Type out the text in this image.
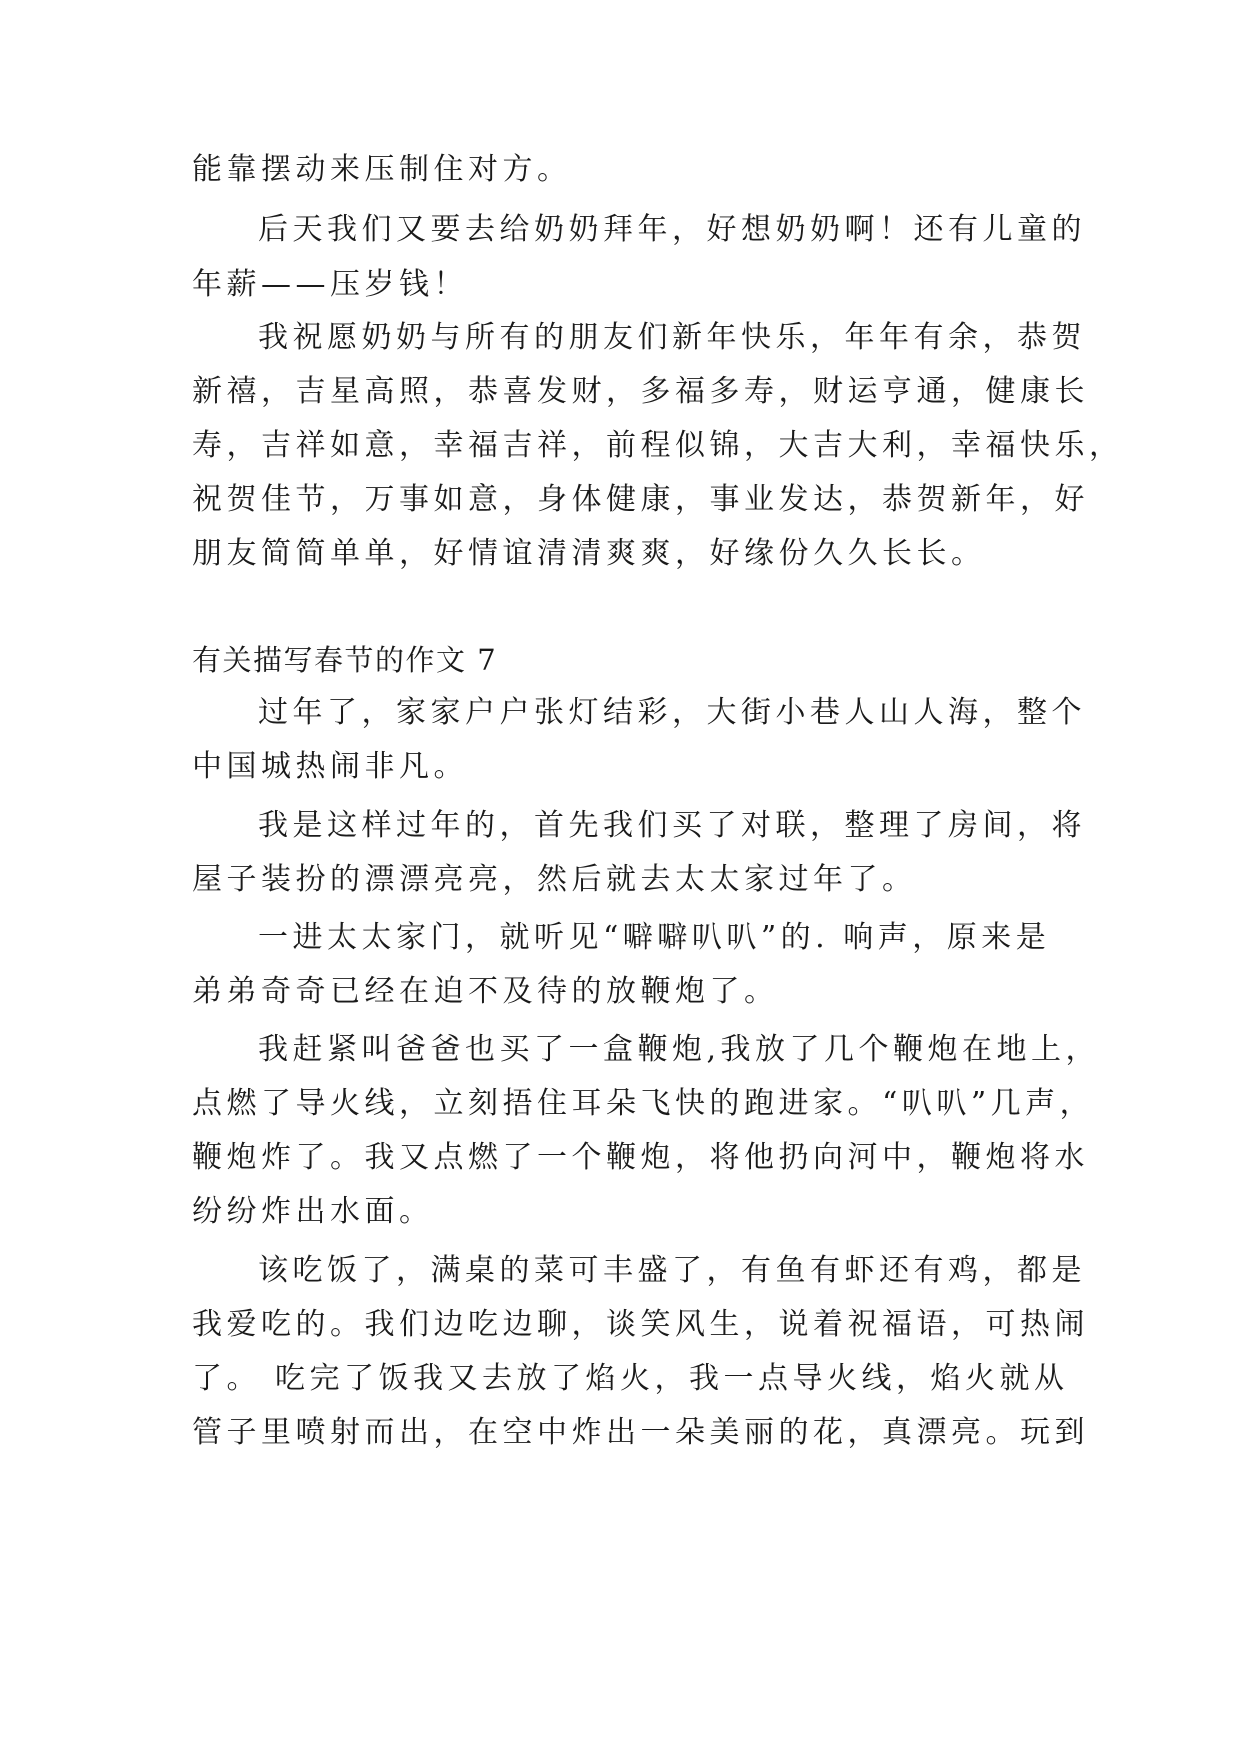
能靠摆动来压制住对方。
后天我们又要去给奶奶拜年，好想奶奶啊！还有儿童的
年薪——压岁钱！
我祝愿奶奶与所有的朋友们新年快乐，年年有余，恭贺
新禧，吉星高照，恭喜发财，多福多寿，财运亨通，健康长
寿，吉祥如意，幸福吉祥，前程似锦，大吉大利，幸福快乐，
祝贺佳节，万事如意，身体健康，事业发达，恭贺新年，好
朋友简简单单，好情谊清清爽爽，好缘份久久长长。
有关描写春节的作文 7
过年了，家家户户张灯结彩，大街小巷人山人海，整个
中国城热闹非凡。
我是这样过年的，首先我们买了对联，整理了房间，将
屋子装扮的漂漂亮亮，然后就去太太家过年了。
一进太太家门，就听见“噼噼叭叭”的. 响声，原来是
弟弟奇奇已经在迫不及待的放鞭炮了。
我赶紧叫爸爸也买了一盒鞭炮,我放了几个鞭炮在地上，
点燃了导火线，立刻捂住耳朵飞快的跑进家。“叭叭”几声，
鞭炮炸了。我又点燃了一个鞭炮，将他扔向河中，鞭炮将水
纷纷炸出水面。
该吃饭了，满桌的菜可丰盛了，有鱼有虾还有鸡，都是
我爱吃的。我们边吃边聊，谈笑风生，说着祝福语，可热闹
了。 吃完了饭我又去放了焰火，我一点导火线，焰火就从
管子里喷射而出，在空中炸出一朵美丽的花，真漂亮。玩到
